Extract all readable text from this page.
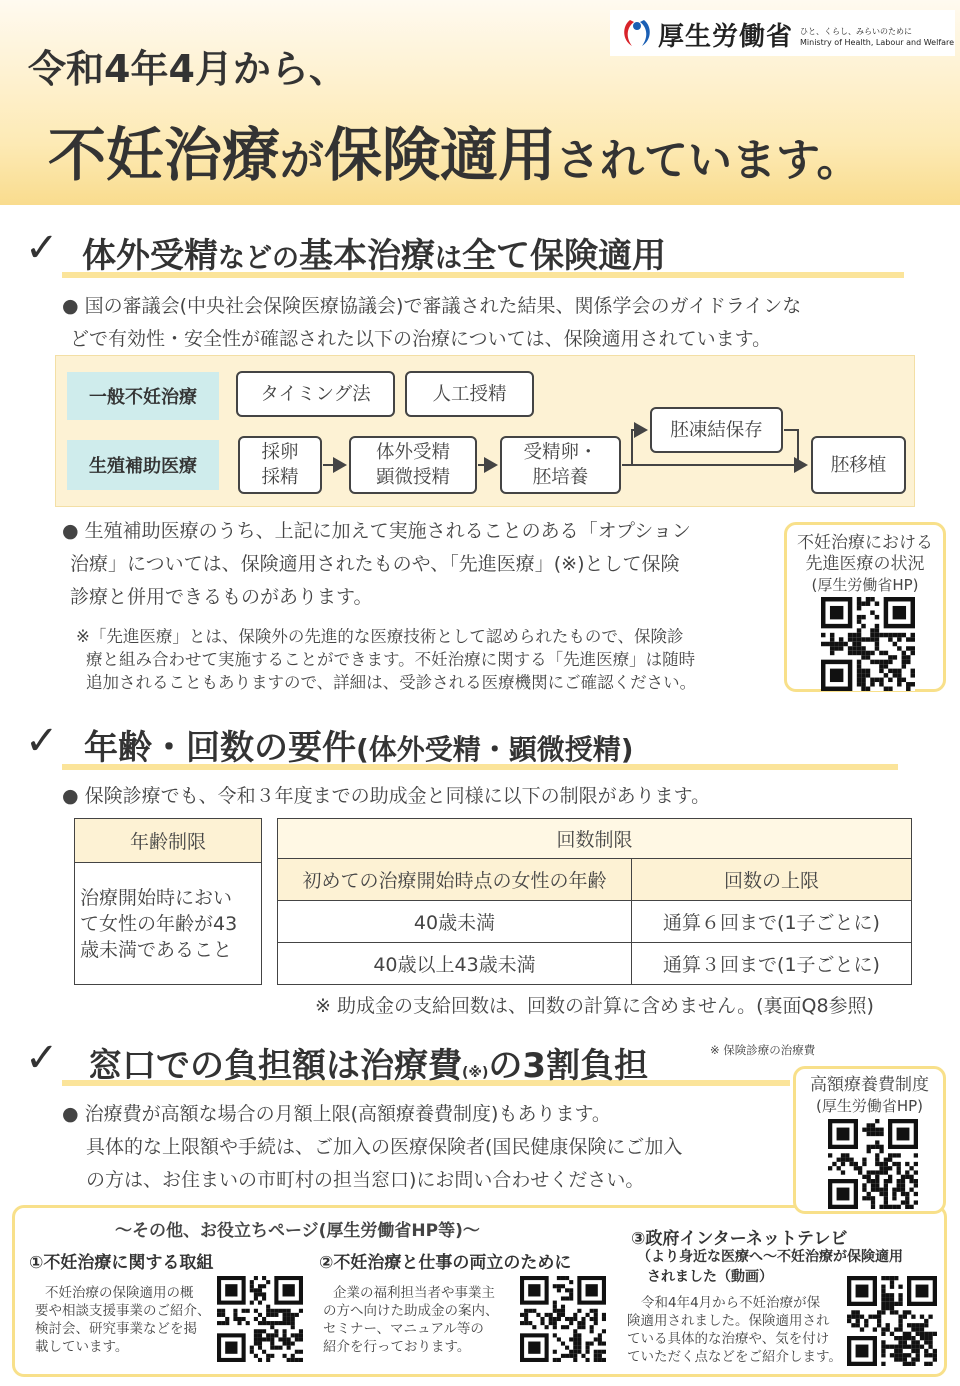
令和4年4月から、
不妊治療が保険適用されています。
厚生労働省 ひと、くらし、みらいのために
Ministry of Health, Labour and Welfare
✓ 体外受精などの基本治療は全て保険適用
● 国の審議会(中央社会保険医療協議会)で審議された結果、関係学会のガイドラインな
どで有効性・安全性が確認された以下の治療については、保険適用されています。
一般不妊治療
生殖補助医療
タイミング法	人工授精
採卵
採精
体外受精
顕微授精
受精卵・
胚培養
胚凍結保存
胚移植
● 生殖補助医療のうち、上記に加えて実施されることのある「オプション
治療」については、保険適用されたものや、「先進医療」(※)として保険
診療と併用できるものがあります。
※「先進医療」とは、保険外の先進的な医療技術として認められたもので、保険診
療と組み合わせて実施することができます。不妊治療に関する「先進医療」は随時
追加されることもありますので、詳細は、受診される医療機関にご確認ください。
不妊治療における
先進医療の状況
(厚生労働省HP)
✓ 年齢・回数の要件(体外受精・顕微授精)
● 保険診療でも、令和３年度までの助成金と同様に以下の制限があります。
年齢制限

治療開始時におい
て女性の年齢が43
歳未満であること
回数制限	
初めての治療開始時点の女性の年齢	回数の上限
40歳未満	通算６回まで(1子ごとに)
40歳以上43歳未満	通算３回まで(1子ごとに)
※ 助成金の支給回数は、回数の計算に含めません。(裏面Q8参照)
✓ 窓口での負担額は治療費(※)の3割負担	※ 保険診療の治療費
● 治療費が高額な場合の月額上限(高額療養費制度)もあります。
具体的な上限額や手続は、ご加入の医療保険者(国民健康保険にご加入
の方は、お住まいの市町村の担当窓口)にお問い合わせください。
高額療養費制度
(厚生労働省HP)
～その他、お役立ちページ(厚生労働省HP等)～
①不妊治療に関する取組
不妊治療の保険適用の概
要や相談支援事業のご紹介、
検討会、研究事業などを掲
載しています。
②不妊治療と仕事の両立のために
企業の福利担当者や事業主
の方へ向けた助成金の案内、
セミナー、マニュアル等の
紹介を行っております。
③政府インターネットテレビ
（より身近な医療へ～不妊治療が保険適用
されました（動画）
令和4年4月から不妊治療が保
険適用されました。保険適用され
ている具体的な治療や、気を付け
ていただく点などをご紹介します。
